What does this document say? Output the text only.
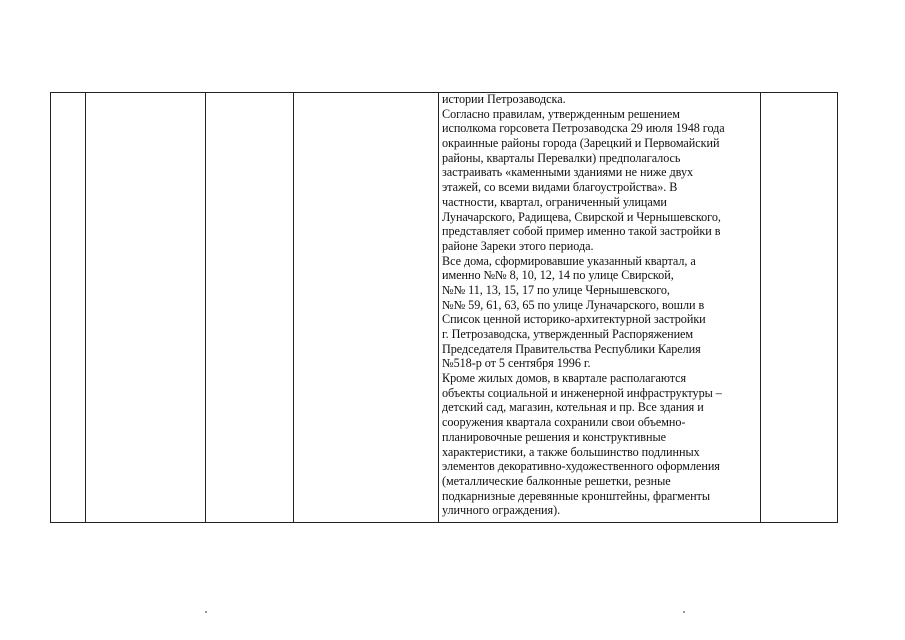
истории Петрозаводска.
Согласно правилам, утвержденным решением
исполкома горсовета Петрозаводска 29 июля 1948 года
окраинные районы города (Зарецкий и Первомайский
районы, кварталы Перевалки) предполагалось
застраивать «каменными зданиями не ниже двух
этажей, со всеми видами благоустройства». В
частности, квартал, ограниченный улицами
Луначарского, Радищева, Свирской и Чернышевского,
представляет собой пример именно такой застройки в
районе Зареки этого периода.
Все дома, сформировавшие указанный квартал, а
именно №№ 8, 10, 12, 14 по улице Свирской,
№№ 11, 13, 15, 17 по улице Чернышевского,
№№ 59, 61, 63, 65 по улице Луначарского, вошли в
Список ценной историко-архитектурной застройки
г. Петрозаводска, утвержденный Распоряжением
Председателя Правительства Республики Карелия
№518-р от 5 сентября 1996 г.
Кроме жилых домов, в квартале располагаются
объекты социальной и инженерной инфраструктуры –
детский сад, магазин, котельная и пр. Все здания и
сооружения квартала сохранили свои объемно-
планировочные решения и конструктивные
характеристики, а также большинство подлинных
элементов декоративно-художественного оформления
(металлические балконные решетки, резные
подкарнизные деревянные кронштейны, фрагменты
уличного ограждения).
